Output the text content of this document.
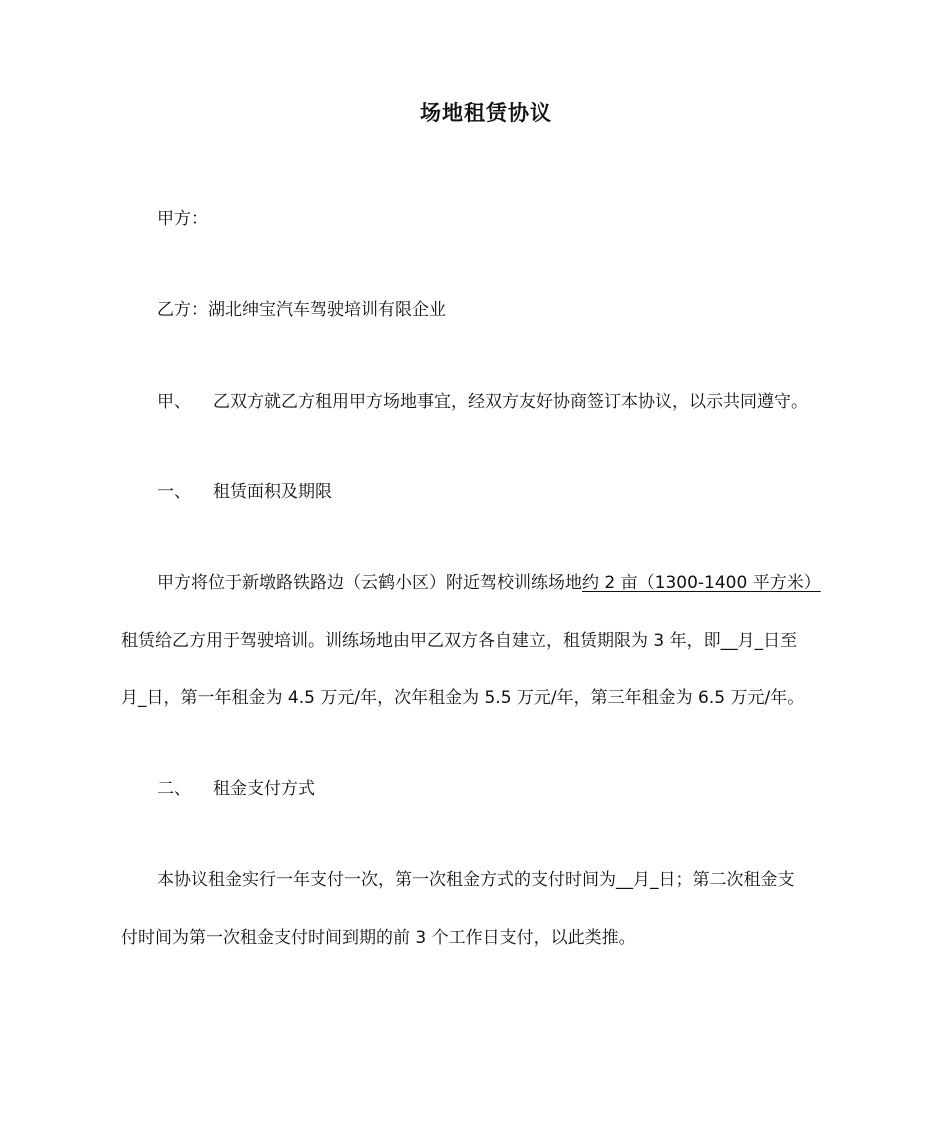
场地租赁协议
甲方：
乙方：湖北绅宝汽车驾驶培训有限企业
甲、 乙双方就乙方租用甲方场地事宜，经双方友好协商签订本协议，以示共同遵守。
一、 租赁面积及期限
甲方将位于新墩路铁路边（云鹤小区）附近驾校训练场地约 2 亩（1300-1400 平方米）
租赁给乙方用于驾驶培训。训练场地由甲乙双方各自建立，租赁期限为 3 年，即__月_日至
月_日，第一年租金为 4.5 万元/年，次年租金为 5.5 万元/年，第三年租金为 6.5 万元/年。
二、 租金支付方式
本协议租金实行一年支付一次，第一次租金方式的支付时间为__月_日；第二次租金支
付时间为第一次租金支付时间到期的前 3 个工作日支付，以此类推。
